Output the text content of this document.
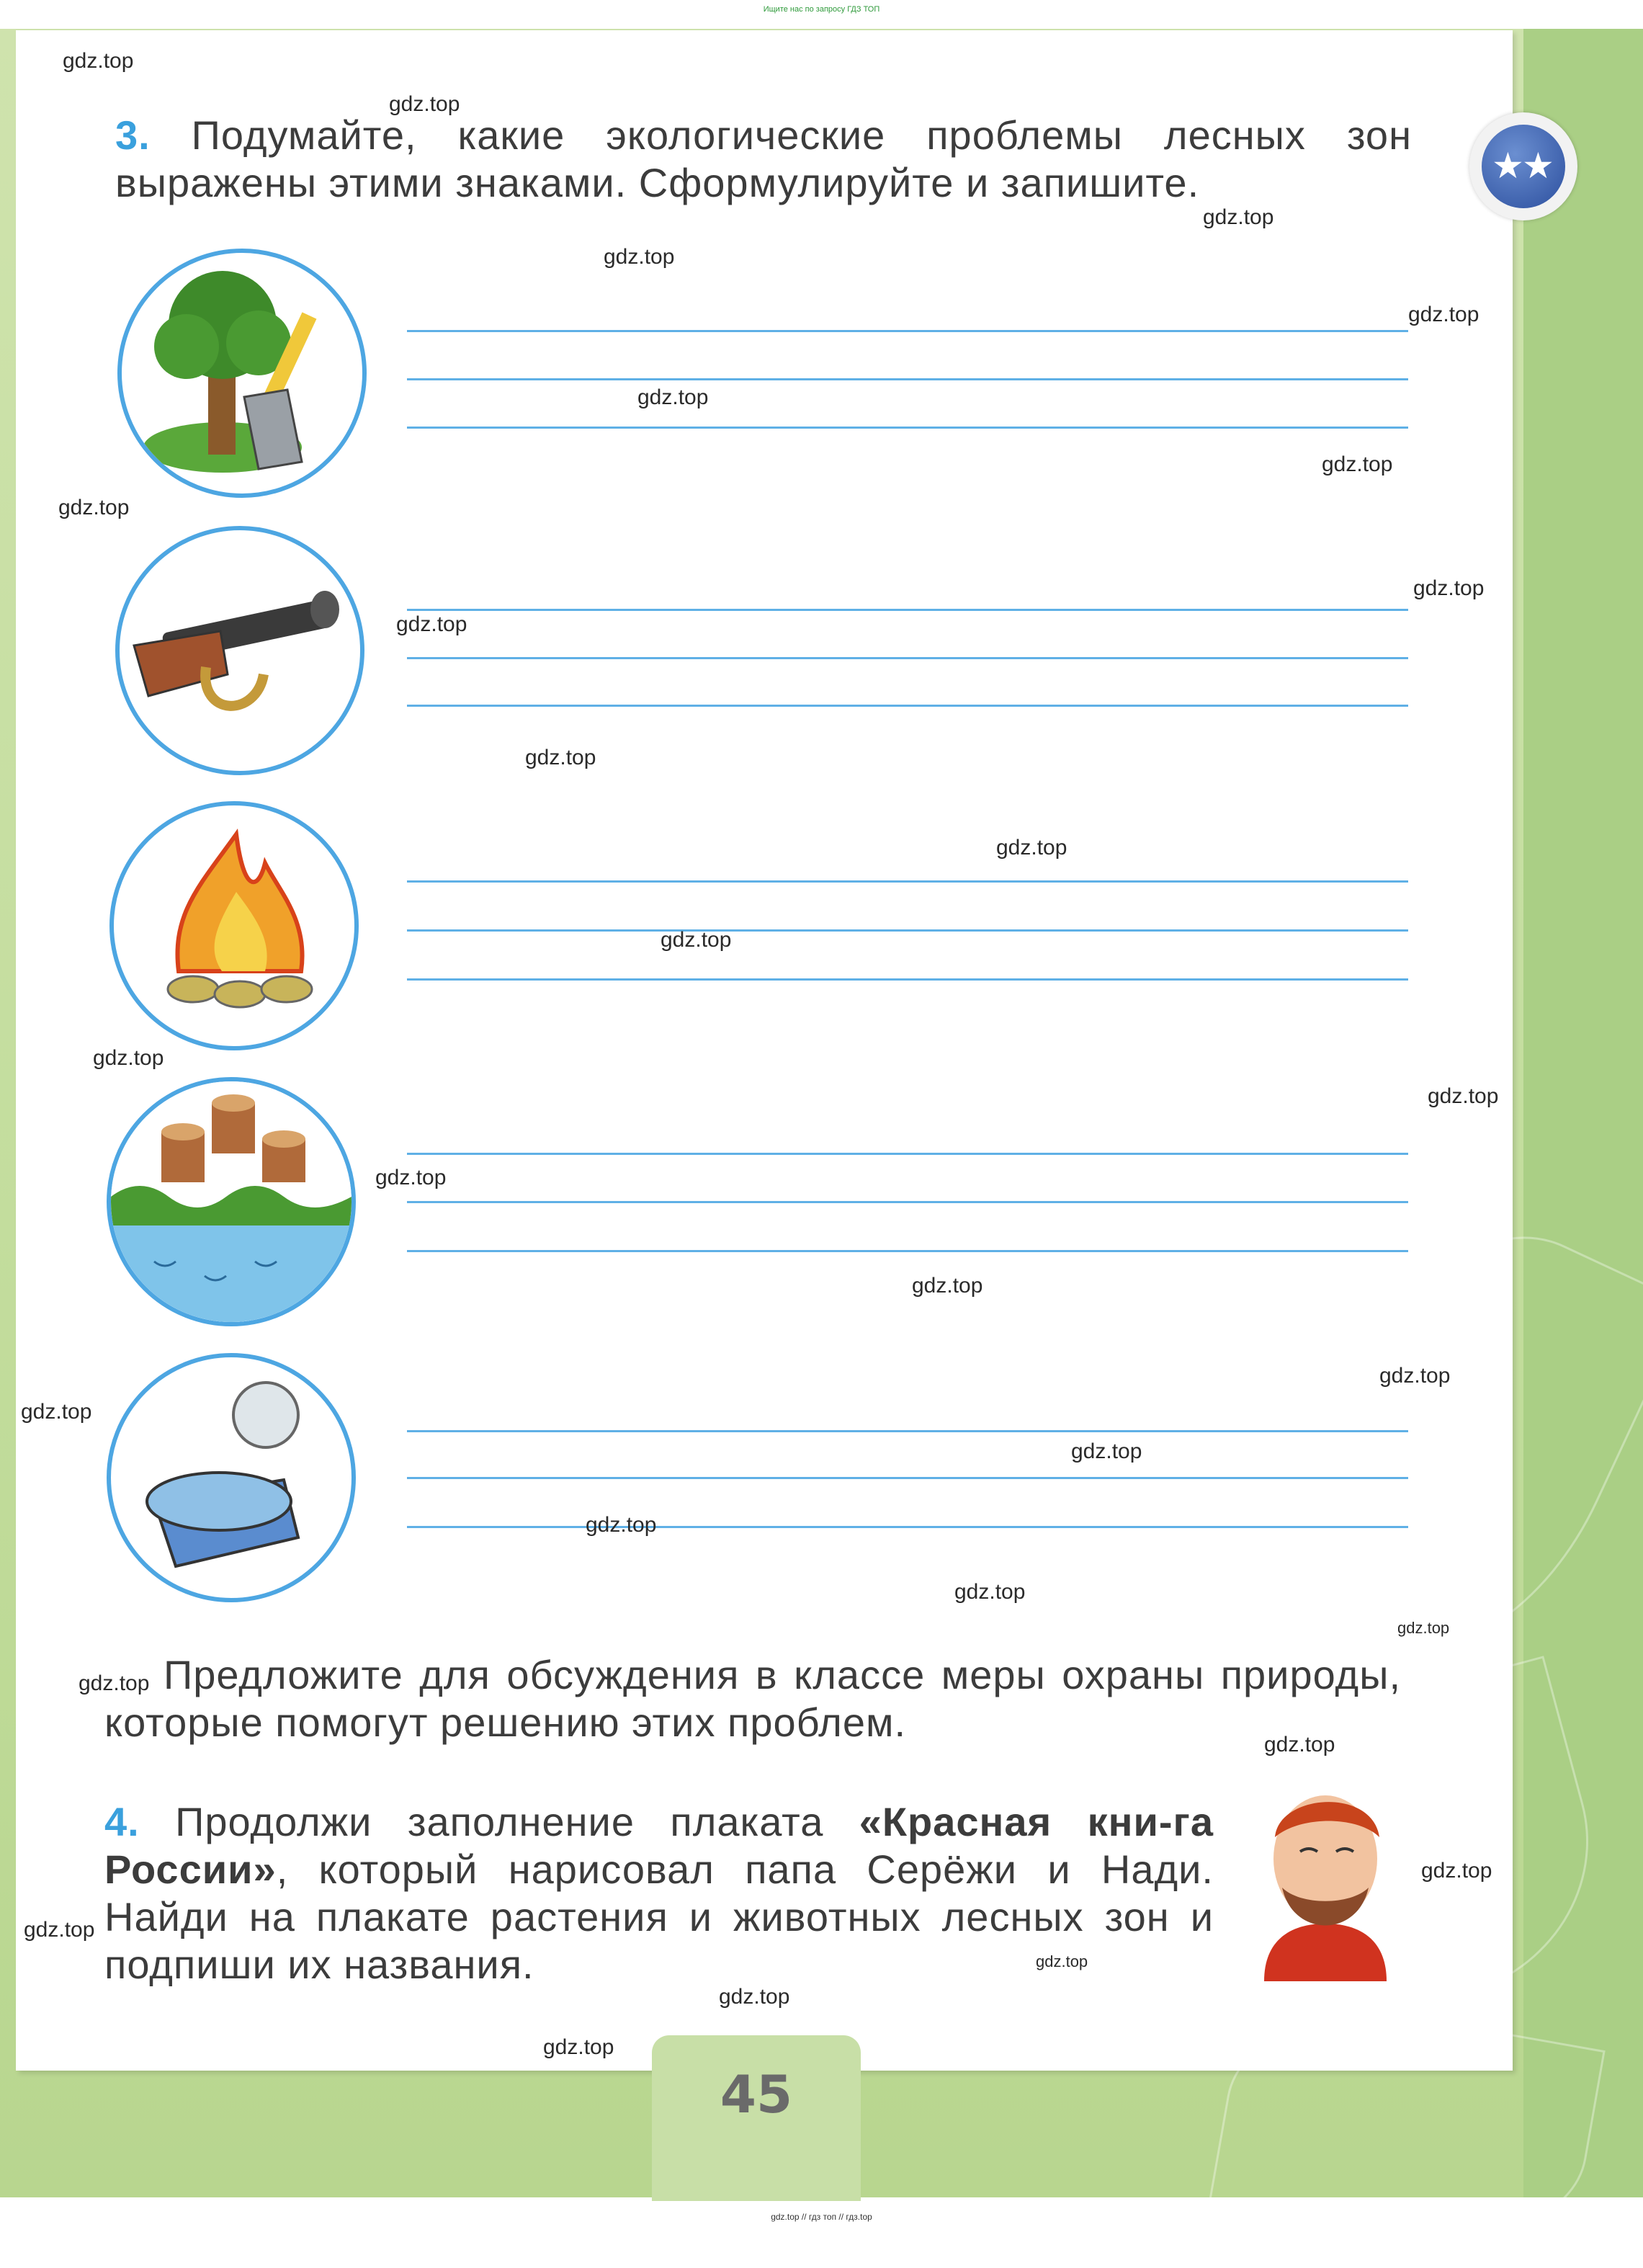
Ищите нас по запросу ГДЗ ТОП
★
★
3. Подумайте, какие экологические проблемы лесных зон выражены этими знаками. Сформулируйте и запишите.
Предложите для обсуждения в классе меры охраны природы, которые помогут решению этих проблем.
4. Продолжи заполнение плаката «Красная кни-га России», который нарисовал папа Серёжи и Нади. Найди на плакате растения и животных лесных зон и подпиши их названия.
45
gdz.top
gdz.top
gdz.top
gdz.top
gdz.top
gdz.top
gdz.top
gdz.top
gdz.top
gdz.top
gdz.top
gdz.top
gdz.top
gdz.top
gdz.top
gdz.top
gdz.top
gdz.top
gdz.top
gdz.top
gdz.top
gdz.top
gdz.top
gdz.top
gdz.top
gdz.top
gdz.top
gdz.top
gdz.top
gdz.top
gdz.top // гдз топ // гдз.top
